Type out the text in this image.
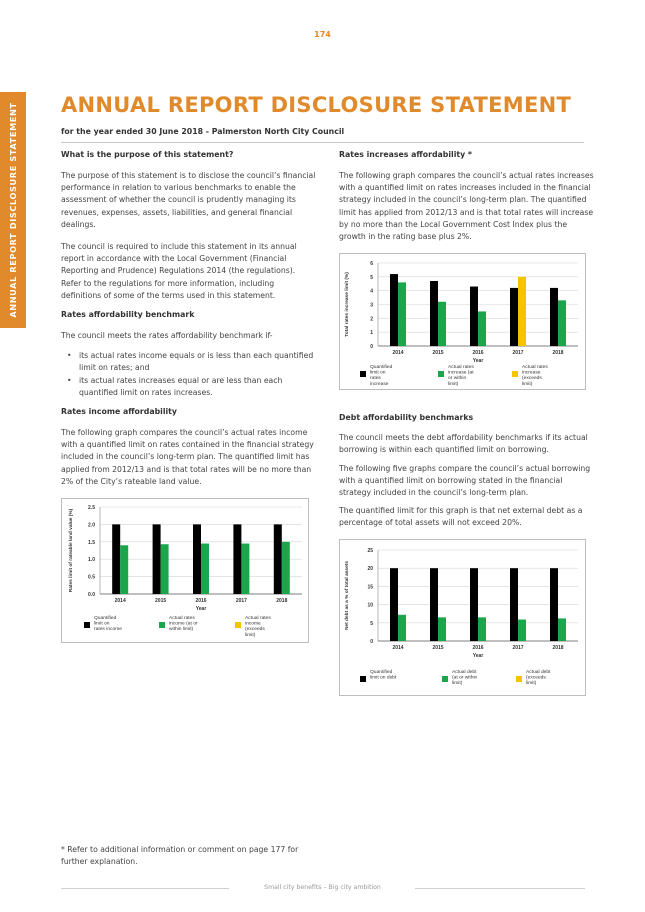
174
ANNUAL REPORT DISCLOSURE STATEMENT ANNUAL REPORT DISCLOSURE STATEMENT
for the year ended 30 June 2018 - Palmerston North City Council
What is the purpose of this statement?

The purpose of this statement is to disclose the council’s financial performance in relation to various benchmarks to enable the assessment of whether the council is prudently managing its revenues, expenses, assets, liabilities, and general financial dealings.

The council is required to include this statement in its annual report in accordance with the Local Government (Financial Reporting and Prudence) Regulations 2014 (the regulations). Refer to the regulations for more information, including definitions of some of the terms used in this statement.

Rates affordability benchmark

The council meets the rates affordability benchmark if-

• its actual rates income equals or is less than each quantified limit on rates; and
• its actual rates increases equal or are less than each quantified limit on rates increases.
Rates income affordability

The following graph compares the council’s actual rates income with a quantified limit on rates contained in the financial strategy included in the council’s long-term plan. The quantified limit has applied from 2012/13 and is that total rates will be no more than 2% of the City’s rateable land value.

Rates increases affordability *

The following graph compares the council’s actual rates increases with a quantified limit on rates increases included in the financial strategy included in the council’s long-term plan. The quantified limit has applied from 2012/13 and is that total rates will increase by no more than the Local Government Cost Index plus the growth in the rating base plus 2%.

Debt affordability benchmarks

The council meets the debt affordability benchmarks if its actual borrowing is within each quantified limit on borrowing.

The following five graphs compare the council’s actual borrowing with a quantified limit on borrowing stated in the financial strategy included in the council’s long-term plan.

The quantified limit for this graph is that net external debt as a percentage of total assets will not exceed 20%.

0.0
0.5
1.0
1.5
2.0
2.5
Rates limit of rateable land value (%)
2014	2015	2016	2017	2018
Year
Quantified limit on rates income
Actual rates income (at or within limit)
Actual rates income (exceeds limit)
0
1
2
3
4
5
6
Total rates increase limit (%)
2014	2015	2016	2017	2018
Year
Quantified limit on rates increase
Actual rates increase (at or within limit)
Actual rates increase (exceeds limit)
0
5
10
15
20
25
Net debt as a % of total assets
2014	2015	2016	2017	2018
Year
Quantified limit on debt
Actual debt (at or within limit)
Actual debt (exceeds limit)
* Refer to additional information or comment on page 177 for further explanation.
Small city benefits – Big city ambition
